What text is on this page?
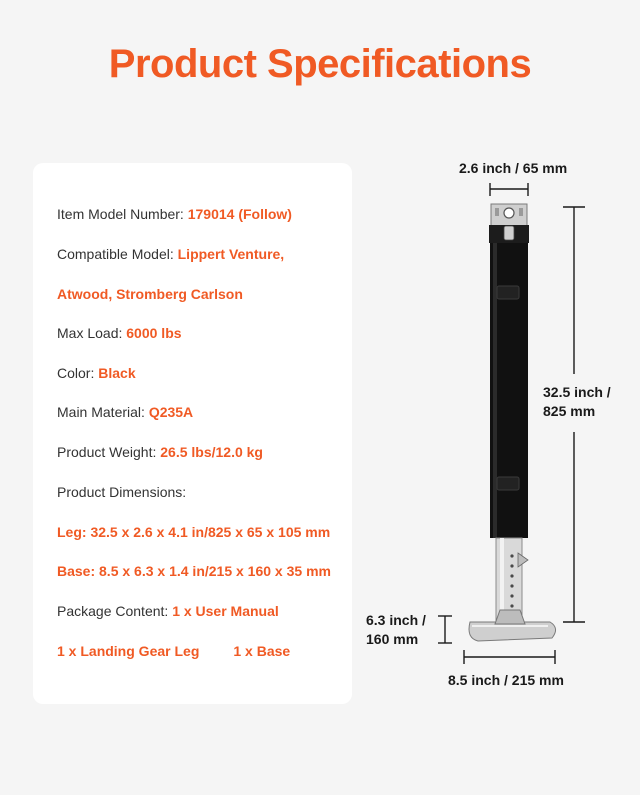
Product Specifications
Item Model Number: 179014 (Follow)
Compatible Model: Lippert Venture,
Atwood, Stromberg Carlson
Max Load: 6000 lbs
Color: Black
Main Material: Q235A
Product Weight: 26.5 lbs/12.0 kg
Product Dimensions:
Leg: 32.5 x 2.6 x 4.1 in/825 x 65 x 105 mm
Base: 8.5 x 6.3 x 1.4 in/215 x 160 x 35 mm
Package Content: 1 x User Manual
1 x Landing Gear Leg 1 x Base
2.6 inch / 65 mm
32.5 inch /
825 mm
6.3 inch /
160 mm
8.5 inch / 215 mm
